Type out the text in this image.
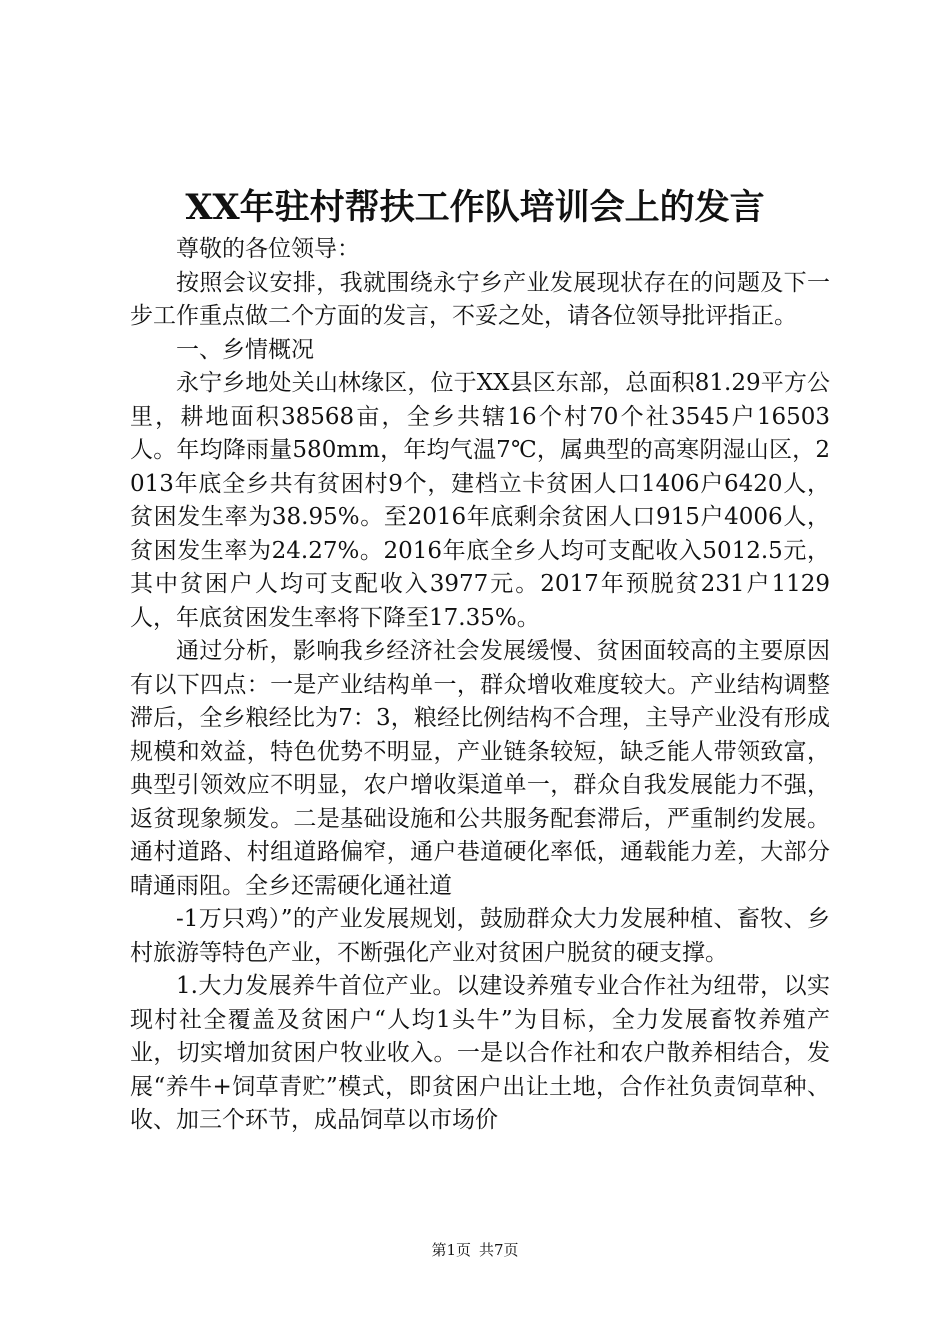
XX年驻村帮扶工作队培训会上的发言

尊敬的各位领导：

按照会议安排，我就围绕永宁乡产业发展现状存在的问题及下一步工作重点做二个方面的发言，不妥之处，请各位领导批评指正。

一、乡情概况

永宁乡地处关山林缘区，位于XX县区东部，总面积81.29平方公里，耕地面积38568亩，全乡共辖16个村70个社3545户16503人。年均降雨量580mm，年均气温7℃，属典型的高寒阴湿山区，2013年底全乡共有贫困村9个，建档立卡贫困人口1406户6420人，贫困发生率为38.95%。至2016年底剩余贫困人口915户4006人，贫困发生率为24.27%。2016年底全乡人均可支配收入5012.5元，其中贫困户人均可支配收入3977元。2017年预脱贫231户1129人，年底贫困发生率将下降至17.35%。

通过分析，影响我乡经济社会发展缓慢、贫困面较高的主要原因有以下四点：一是产业结构单一，群众增收难度较大。产业结构调整滞后，全乡粮经比为7：3，粮经比例结构不合理，主导产业没有形成规模和效益，特色优势不明显，产业链条较短，缺乏能人带领致富，典型引领效应不明显，农户增收渠道单一，群众自我发展能力不强，返贫现象频发。二是基础设施和公共服务配套滞后，严重制约发展。通村道路、村组道路偏窄，通户巷道硬化率低，通载能力差，大部分晴通雨阻。全乡还需硬化通社道

-1万只鸡）”的产业发展规划，鼓励群众大力发展种植、畜牧、乡村旅游等特色产业，不断强化产业对贫困户脱贫的硬支撑。

1.大力发展养牛首位产业。以建设养殖专业合作社为纽带，以实现村社全覆盖及贫困户“人均1头牛”为目标，全力发展畜牧养殖产业，切实增加贫困户牧业收入。一是以合作社和农户散养相结合，发展“养牛+饲草青贮”模式，即贫困户出让土地，合作社负责饲草种、收、加三个环节，成品饲草以市场价

第1页 共7页
